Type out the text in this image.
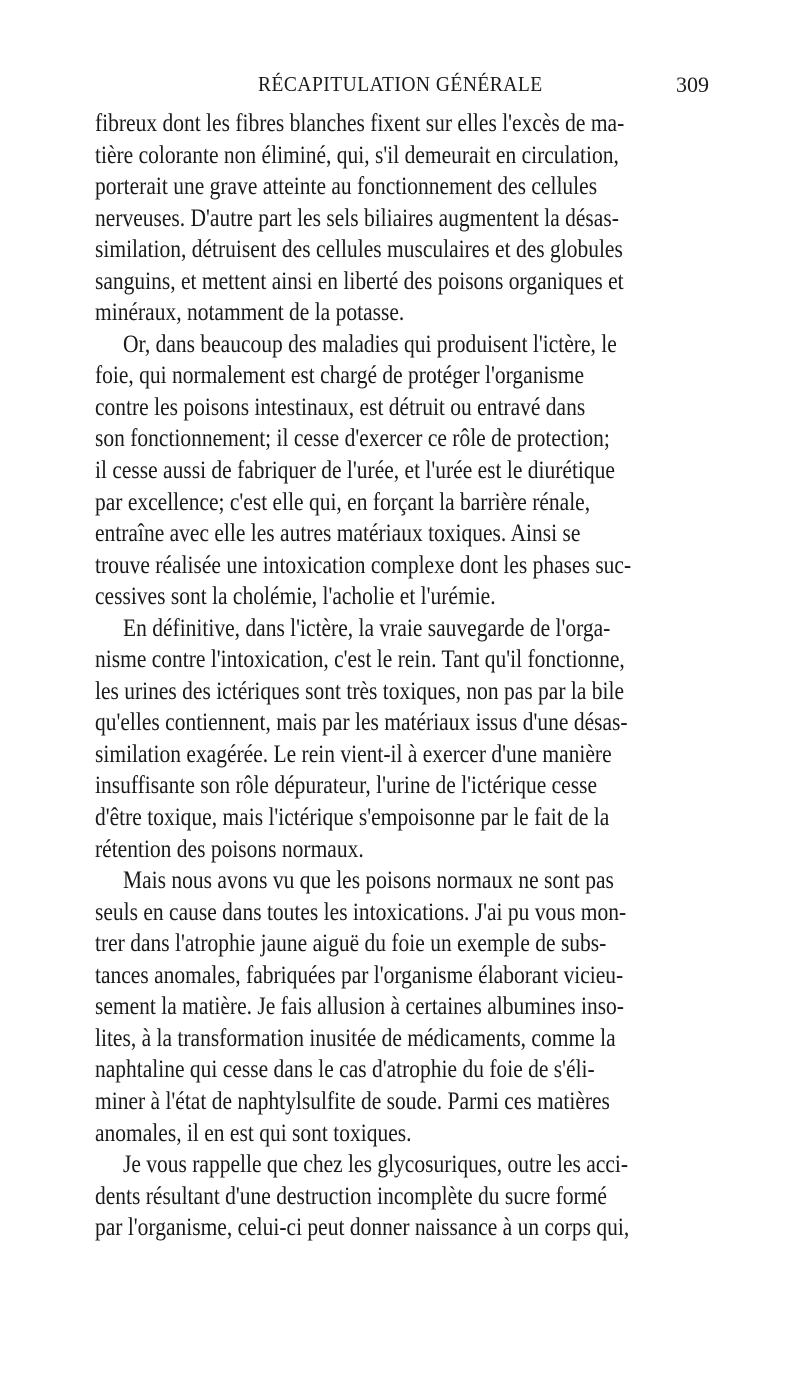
RÉCAPITULATION GÉNÉRALE	309
fibreux dont les fibres blanches fixent sur elles l'excès de ma-
tière colorante non éliminé, qui, s'il demeurait en circulation,
porterait une grave atteinte au fonctionnement des cellules
nerveuses. D'autre part les sels biliaires augmentent la désas-
similation, détruisent des cellules musculaires et des globules
sanguins, et mettent ainsi en liberté des poisons organiques et
minéraux, notamment de la potasse.
Or, dans beaucoup des maladies qui produisent l'ictère, le
foie, qui normalement est chargé de protéger l'organisme
contre les poisons intestinaux, est détruit ou entravé dans
son fonctionnement; il cesse d'exercer ce rôle de protection;
il cesse aussi de fabriquer de l'urée, et l'urée est le diurétique
par excellence; c'est elle qui, en forçant la barrière rénale,
entraîne avec elle les autres matériaux toxiques. Ainsi se
trouve réalisée une intoxication complexe dont les phases suc-
cessives sont la cholémie, l'acholie et l'urémie.
En définitive, dans l'ictère, la vraie sauvegarde de l'orga-
nisme contre l'intoxication, c'est le rein. Tant qu'il fonctionne,
les urines des ictériques sont très toxiques, non pas par la bile
qu'elles contiennent, mais par les matériaux issus d'une désas-
similation exagérée. Le rein vient-il à exercer d'une manière
insuffisante son rôle dépurateur, l'urine de l'ictérique cesse
d'être toxique, mais l'ictérique s'empoisonne par le fait de la
rétention des poisons normaux.
Mais nous avons vu que les poisons normaux ne sont pas
seuls en cause dans toutes les intoxications. J'ai pu vous mon-
trer dans l'atrophie jaune aiguë du foie un exemple de subs-
tances anomales, fabriquées par l'organisme élaborant vicieu-
sement la matière. Je fais allusion à certaines albumines inso-
lites, à la transformation inusitée de médicaments, comme la
naphtaline qui cesse dans le cas d'atrophie du foie de s'éli-
miner à l'état de naphtylsulfite de soude. Parmi ces matières
anomales, il en est qui sont toxiques.
Je vous rappelle que chez les glycosuriques, outre les acci-
dents résultant d'une destruction incomplète du sucre formé
par l'organisme, celui-ci peut donner naissance à un corps qui,
